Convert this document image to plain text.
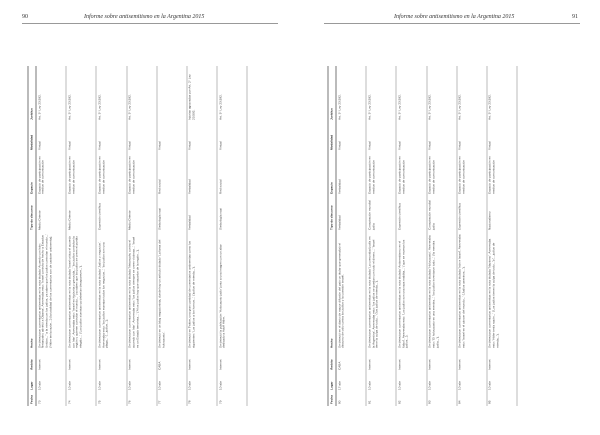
90	Informe sobre antisemitismo en la Argentina 2015
Fecha	Lugar	Ámbito	Hecho	Tipo de discurso	Espacio	Modalidad	Jurídico
73	10-abr	Internet	Se detectaron comentarios antisemitas en la nota titulada 'Acuerdo con Irán: Netanyahu advirtió a Obama'. Aseveraba esto: 'Israel controla de hecho a Estados Unidos...' 'a la mierda con los judíos, ya saben que los judíos controlan el mundo...' ('Hitler tenía razón...') (la totalidad de los comentarios son de carácter antisemita).	Medio Oriente	Espacio de participación en medios de comunicación	Virtual	Art. 3° Ley 23.592.
74	10-abr	Internet	Se detectaron comentarios antisemitas en la nota titulada 'Israel critica el acuerdo con Irán'. Aseveraba esto: 'Israel es hipócrita y genocida...' 'los judíos controlan la región y quieren controlar el mundo...' 'ya saben que los judíos se creen el pueblo elegido...' ('Los judíos sionistas ya deberían desaparecer...').	Medio Oriente	Espacio de participación en medios de comunicación	Virtual	Art. 3° Ley 23.592.
75	10-abr	Internet	Se detectaron comentarios antisemitas en la nota titulada 'Judíos y negocios'. Aseveraba esto: 'los judíos manejan todos los negocios...' 'los judíos son una plaga...' ('...judíos...').	Expresión científica	Espacio de participación en medios de comunicación	Virtual	Art. 3° Ley 23.592.
76	10-abr	Internet	Se detectaron comentarios antisemitas en la nota titulada 'Netanyahu contra el acuerdo con Irán'. Aseveraba esto: 'los judíos siempre se creen víctimas...' 'Israel es un Estado terrorista...' ('A los judíos hay que sacarlos de la región...').	Medio Oriente	Espacio de participación en medios de comunicación	Virtual	Art. 3° Ley 23.592.
77	10-abr	CABA	Se detectó en un blog negacionista, donde hay un artículo titulado 'La farsa del holocausto'.	Simbología nazi	Red social	Virtual	
78	10-abr	Internet	Se detectó en Twitter, una gran cantidad de comentarios antisemitas como los siguientes: 'Los judíos a los hornos...' ('judíos de mierda...').	Verbalidad	Verbalidad	Virtual	Injurias agravadas por Art. 2° Ley 23.592.
79	10-abr	Internet	Se detectó la publicación 'Holocausto judío' junto a una imagen con un altar dedicado a Adolf Hitler.	Simbología nazi	Red social	Virtual	Art. 3° Ley 23.592.
Informe sobre antisemitismo en la Argentina 2015	91
Fecha	Lugar	Ámbito	Hecho	Tipo de discurso	Espacio	Modalidad	Jurídico
80	17-abr	CABA	Se detectó en el diario de mayor difusión del país un titular que generalizó el discurso de odio contra los judíos y la cuestión israelí.	Verbalidad	Verbalidad	Virtual	Art. 3° Ley 23.592.
81	10-abr	Internet	Se detectaron comentarios antisemitas en la nota titulada 'La comunidad judía en la Argentina'. Aseveraba esto: 'los judíos se quedan con todo el dinero...' 'Israel tiene la culpa de todo...' ('los judíos de mierda...').	Conspiración mundial judía	Espacio de participación en medios de comunicación	Virtual	Art. 3° Ley 23.592.
82	10-abr	Internet	Se detectaron comentarios antisemitas en la nota titulada 'Antisemitismo en el fútbol'. Aseveraba esto: 'Los judíos son una raza maldita...' ('que se mueran los judíos...').	Expresión científica	Espacio de participación en medios de comunicación	Virtual	Art. 3° Ley 23.592.
83	10-abr	Internet	Se detectaron comentarios antisemitas en la nota titulada 'Holocausto'. Aseveraba esto: 'El holocausto es una mentira...' 'los judíos inventaron todo...' ('la mentira judía...').	Conspiración mundial judía	Espacio de participación en medios de comunicación	Virtual	Art. 3° Ley 23.592.
84	10-abr	Internet	Se detectaron comentarios antisemitas en la nota titulada 'Irán e Israel'. Aseveraba esto: 'Israel es el cáncer del mundo...' ('Judíos asesinos...').	Expresión científica	Espacio de participación en medios de comunicación	Virtual	Art. 3° Ley 23.592.
85	10-abr	Internet	Se detectaron comentarios antisemitas en la nota titulada 'Nazismo'. Aseveraba esto: 'Hitler tenía razón...' ('Los judíos tienen la culpa de todo...') ('...judíos de mierda...').	Nacionalismo	Espacio de participación en medios de comunicación	Virtual	Art. 3° Ley 23.592.
